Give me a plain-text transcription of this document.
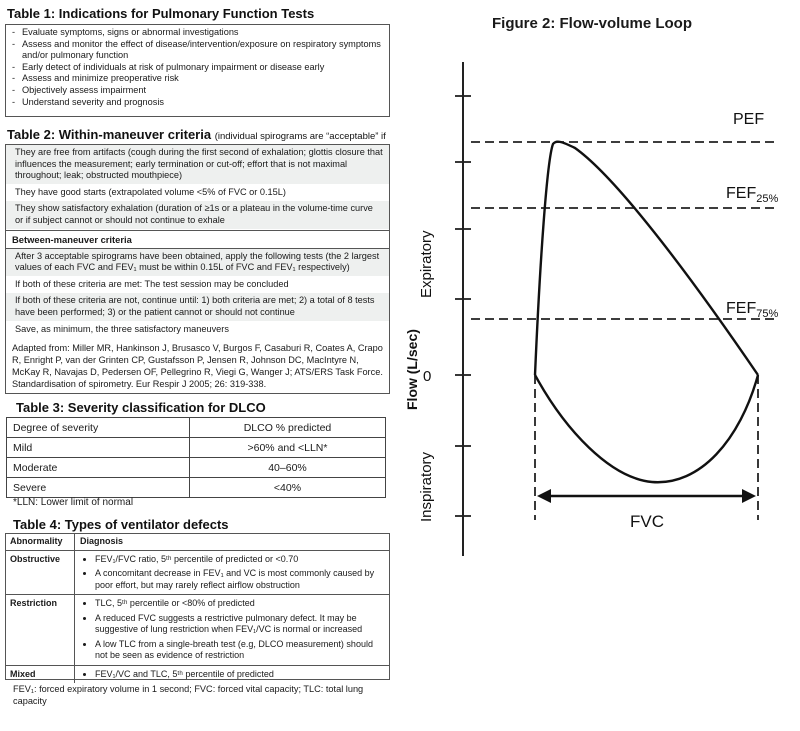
Table 1: Indications for Pulmonary Function Tests
- Evaluate symptoms, signs or abnormal investigations
- Assess and monitor the effect of disease/intervention/exposure on respiratory symptoms and/or pulmonary function
- Early detect of individuals at risk of pulmonary impairment or disease early
- Assess and minimize preoperative risk
- Objectively assess impairment
- Understand severity and prognosis
Table 2: Within-maneuver criteria (individual spirograms are “acceptable” if
They are free from artifacts (cough during the first second of exhalation; glottis closure that influences the measurement; early termination or cut-off; effort that is not maximal throughout; leak; obstructed mouthpiece)
They have good starts (extrapolated volume <5% of FVC or 0.15L)
They show satisfactory exhalation (duration of ≥1s or a plateau in the volume-time curve or if subject cannot or should not continue to exhale
Between-maneuver criteria
After 3 acceptable spirograms have been obtained, apply the following tests (the 2 largest values of each FVC and FEV₁ must be within 0.15L of FVC and FEV₁ respectively)
If both of these criteria are met: The test session may be concluded
If both of these criteria are not, continue until: 1) both criteria are met; 2) a total of 8 tests have been performed; 3) or the patient cannot or should not continue
Save, as minimum, the three satisfactory maneuvers
Adapted from: Miller MR, Hankinson J, Brusasco V, Burgos F, Casaburi R, Coates A, Crapo R, Enright P, van der Grinten CP, Gustafsson P, Jensen R, Johnson DC, MacIntyre N, McKay R, Navajas D, Pedersen OF, Pellegrino R, Viegi G, Wanger J; ATS/ERS Task Force. Standardisation of spirometry. Eur Respir J 2005; 26: 319-338.
Table 3: Severity classification for DLCO
Degree of severity	DLCO % predicted
Mild	>60% and <LLN*
Moderate	40–60%
Severe	<40%
*LLN: Lower limit of normal
Table 4: Types of ventilator defects
Abnormality	Diagnosis
Obstructive	• FEV₁/FVC ratio, 5ᵗʰ percentile of predicted or <0.70
• A concomitant decrease in FEV₁ and VC is most commonly caused by poor effort, but may rarely reflect airflow obstruction
Restriction	• TLC, 5ᵗʰ percentile or <80% of predicted
• A reduced FVC suggests a restrictive pulmonary defect. It may be suggestive of lung restriction when FEV₁/VC is normal or increased
• A low TLC from a single-breath test (e.g, DLCO measurement) should not be seen as evidence of restriction
Mixed	• FEV₁/VC and TLC, 5ᵗʰ percentile of predicted
FEV₁: forced expiratory volume in 1 second; FVC: forced vital capacity; TLC: total lung capacity
Figure 2: Flow-volume Loop
PEF
$FEF_{25\%}$
$FEF_{75\%}$
0
FVC
Expiratory
Inspiratory
Flow (L/sec)
